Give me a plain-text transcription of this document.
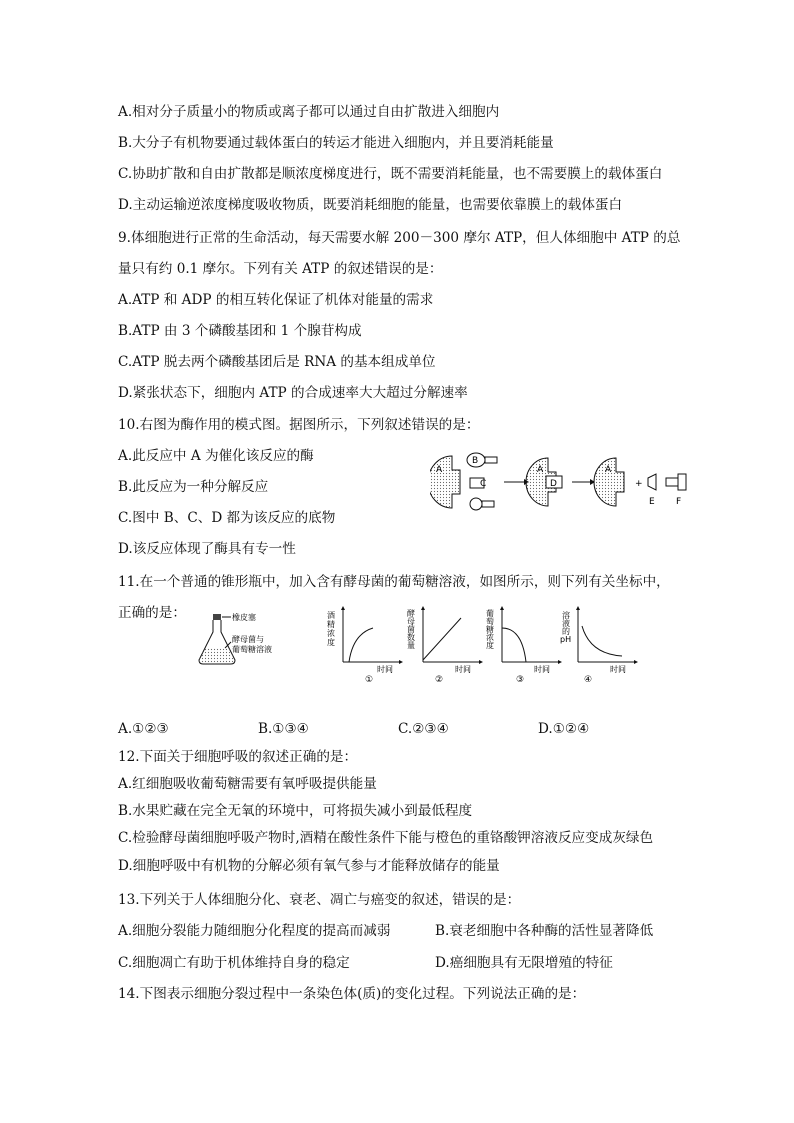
A.相对分子质量小的物质或离子都可以通过自由扩散进入细胞内
B.大分子有机物要通过载体蛋白的转运才能进入细胞内，并且要消耗能量
C.协助扩散和自由扩散都是顺浓度梯度进行，既不需要消耗能量，也不需要膜上的载体蛋白
D.主动运输逆浓度梯度吸收物质，既要消耗细胞的能量，也需要依靠膜上的载体蛋白
9.体细胞进行正常的生命活动，每天需要水解 200－300 摩尔 ATP，但人体细胞中 ATP 的总
量只有约 0.1 摩尔。下列有关 ATP 的叙述错误的是：
A.ATP 和 ADP 的相互转化保证了机体对能量的需求
B.ATP 由 3 个磷酸基团和 1 个腺苷构成
C.ATP 脱去两个磷酸基团后是 RNA 的基本组成单位
D.紧张状态下，细胞内 ATP 的合成速率大大超过分解速率
10.右图为酶作用的模式图。据图所示，下列叙述错误的是：
A.此反应中 A 为催化该反应的酶
B.此反应为一种分解反应
C.图中 B、C、D 都为该反应的底物
D.该反应体现了酶具有专一性
A
B
C
A
D
A
+
E F
11.在一个普通的锥形瓶中，加入含有酵母菌的葡萄糖溶液，如图所示，则下列有关坐标中，
正确的是：	橡皮塞
酵母菌与
葡萄糖溶液
酒
精
浓
度
时间
①
酵
母
菌
数
量
时间
②
葡
萄
糖
浓
度
时间
③
溶
液
的
pH
时间
④
A.①②③	B.①③④	C.②③④	D.①②④
12.下面关于细胞呼吸的叙述正确的是：
A.红细胞吸收葡萄糖需要有氧呼吸提供能量
B.水果贮藏在完全无氧的环境中，可将损失减小到最低程度
C.检验酵母菌细胞呼吸产物时,酒精在酸性条件下能与橙色的重铬酸钾溶液反应变成灰绿色
D.细胞呼吸中有机物的分解必须有氧气参与才能释放储存的能量
13.下列关于人体细胞分化、衰老、凋亡与癌变的叙述，错误的是：
A.细胞分裂能力随细胞分化程度的提高而减弱	B.衰老细胞中各种酶的活性显著降低
C.细胞凋亡有助于机体维持自身的稳定	D.癌细胞具有无限增殖的特征
14.下图表示细胞分裂过程中一条染色体(质)的变化过程。下列说法正确的是：
